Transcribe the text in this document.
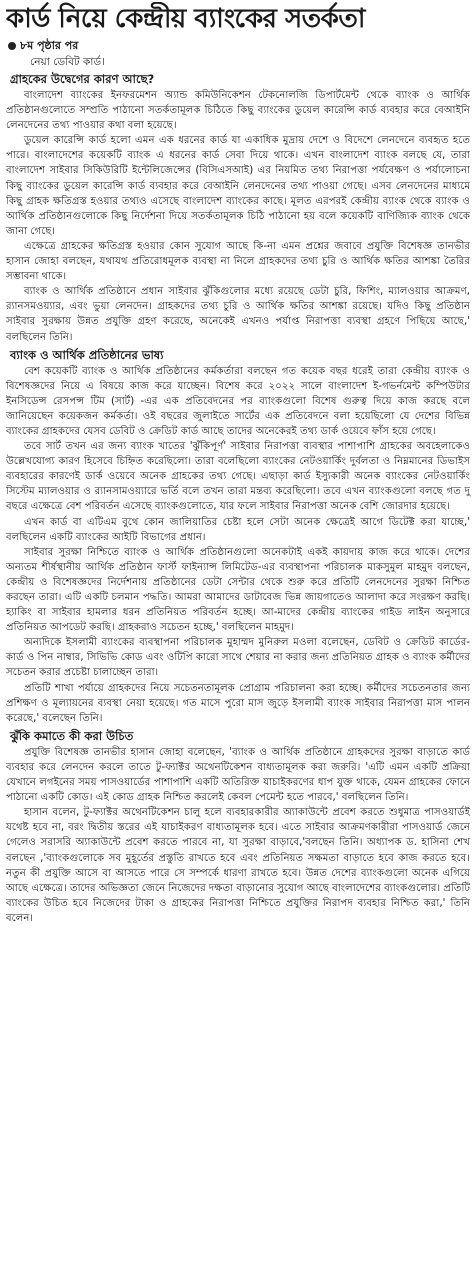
কার্ড নিয়ে কেন্দ্রীয় ব্যাংকের সতর্কতা
৮ম পৃষ্ঠার পর
নেয়া ডেবিট কার্ড।
গ্রাহকের উদ্বেগের কারণ আছে?

বাংলাদেশ ব্যাংকের ইনফরমেশন অ্যান্ড কমিউনিকেশন টেকনোলজি ডিপার্টমেন্ট থেকে ব্যাংক ও আর্থিক প্রতিষ্ঠানগুলোতে সম্প্রতি পাঠানো সতর্কতামূলক চিঠিতে কিছু ব্যাংকের ডুয়েল কারেন্সি কার্ড ব্যবহার করে বেআইনি লেনদেনের তথ্য পাওয়ার কথা বলা হয়েছে।

ডুয়েল কারেন্সি কার্ড হলো এমন এক ধরনের কার্ড যা একাধিক মুদ্রায় দেশে ও বিদেশে লেনদেনে ব্যবহৃত হতে পারে। বাংলাদেশের কয়েকটি ব্যাংক এ ধরনের কার্ড সেবা দিয়ে থাকে। এখন বাংলাদেশ ব্যাংক বলছে যে, তারা বাংলাদেশ সাইবার সিকিউরিটি ইন্টেলিজেন্সের (বিসিএসআই) এর নিয়মিত তথ্য নিরাপত্তা পর্যবেক্ষণ ও পর্যালোচনা কিছু ব্যাংকের ডুয়েল কারেন্সি কার্ড ব্যবহার করে বেআইনি লেনদেনের তথ্য পাওয়া গেছে। এসব লেনদেনের মাধ্যমে কিছু গ্রাহক ক্ষতিগ্রস্ত হওয়ার তথ্যও এসেছে বাংলাদেশ ব্যাংকের কাছে। মূলত এরপরই কেন্দ্রীয় ব্যাংক থেকে ব্যাংক ও আর্থিক প্রতিষ্ঠানগুলোকে কিছু নির্দেশনা দিয়ে সতর্কতামূলক চিঠি পাঠানো হয় বলে কয়েকটি বাণিজ্যিক ব্যাংক থেকে জানা গেছে।

এক্ষেত্রে গ্রাহকের ক্ষতিগ্রস্ত হওয়ার কোন সুযোগ আছে কি-না এমন প্রশ্নের জবাবে প্রযুক্তি বিশেষজ্ঞ তানভীর হাসান জোহা বলছেন, যথাযথ প্রতিরোধমূলক ব্যবস্থা না নিলে গ্রাহকদের তথ্য চুরি ও আর্থিক ক্ষতির আশঙ্কা তৈরির সম্ভাবনা থাকে।

ব্যাংক ও আর্থিক প্রতিষ্ঠানে প্রধান সাইবার ঝুঁকিগুলোর মধ্যে রয়েছে ডেটা চুরি, ফিশিং, ম্যালওয়ার আক্রমণ, র‍্যানসমওয়্যার, এবং ভুয়া লেনদেন। গ্রাহকদের তথ্য চুরি ও আর্থিক ক্ষতির আশঙ্কা রয়েছে। যদিও কিছু প্রতিষ্ঠান সাইবার সুরক্ষায় উন্নত প্রযুক্তি গ্রহণ করেছে, অনেকেই এখনও পর্যাপ্ত নিরাপত্তা ব্যবস্থা গ্রহণে পিছিয়ে আছে,' বলছিলেন তিনি।

ব্যাংক ও আর্থিক প্রতিষ্ঠানের ভাষ্য

বেশ কয়েকটি ব্যাংক ও আর্থিক প্রতিষ্ঠানের কর্মকর্তারা বলছেন গত কয়েক বছর ধরেই তারা কেন্দ্রীয় ব্যাংক ও বিশেষজ্ঞদের নিয়ে এ বিষয়ে কাজ করে যাচ্ছেন। বিশেষ করে ২০২২ সালে বাংলাদেশ ই-গভর্নমেন্ট কম্পিউটার ইনসিডেন্স রেসপন্স টিম (সার্ট) -এর এক প্রতিবেদনের পর ব্যাংকগুলো বিশেষ গুরুত্ব দিয়ে কাজ করছে বলে জানিয়েছেন কয়েকজন কর্মকর্তা। ওই বছরের জুলাইতে সার্টের এক প্রতিবেদনে বলা হয়েছিলো যে দেশের বিভিন্ন ব্যাংকের গ্রাহকদের যেসব ডেবিট ও ক্রেডিট কার্ড আছে তাদের অনেকেরই তথ্য ডার্ক ওয়েবে ফাঁস হয়ে গেছে।

তবে সার্ট তখন এর জন্য ব্যাংক খাতের 'ঝুঁকিপূর্ণ' সাইবার নিরাপত্তা ব্যবস্থার পাশাপাশি গ্রাহকের অবহেলাকেও উল্লেখযোগ্য কারণ হিসেবে চিহ্নিত করেছিলো। তারা বলেছিলো ব্যাংকের নেটওয়ার্কিং দুর্বলতা ও নিম্নমানের ডিভাইস ব্যবহারের কারণেই ডার্ক ওয়েবে অনেক গ্রাহকের তথ্য গেছে। এছাড়া কার্ড ইস্যুকারী অনেক ব্যাংকের নেটওয়ার্কিং সিস্টেম ম্যালওয়ার ও র‍্যানসামওয়্যারে ভর্তি বলে তখন তারা মন্তব্য করেছিলো। তবে এখন ব্যাংকগুলো বলছে গত দু বছরে এক্ষেত্রে বেশ পরিবর্তন এসেছে ব্যাংকগুলোতে, যার ফলে সাইবার নিরাপত্তা অনেক বেশি জোরদার হয়েছে।

এখন কার্ড বা এটিএম বুথে কোন জালিয়াতির চেষ্টা হলে সেটা অনেক ক্ষেত্রেই আগে ডিটেক্ট করা যাচ্ছে,' বলছিলেন একটি ব্যাংকের আইটি বিভাগের প্রধান।

সাইবার সুরক্ষা নিশ্চিতে ব্যাংক ও আর্থিক প্রতিষ্ঠানগুলো অনেকটাই একই কায়দায় কাজ করে থাকে। দেশের অন্যতম শীর্ষস্থানীয় আর্থিক প্রতিষ্ঠান ফার্স্ট ফাইন্যান্স লিমিটেড-এর ব্যবস্থাপনা পরিচালক মাকসুমুল মাহমুদ বলছেন, কেন্দ্রীয় ও বিশেষজ্ঞদের নির্দেশনায় প্রতিষ্ঠানের ডেটা সেন্টার থেকে শুরু করে প্রতিটি লেনদেনের সুরক্ষা নিশ্চিত করছেন তারা। এটি একটি চলমান পদ্ধতি। আমরা আমাদের ডাটাবেজ ভিন্ন জায়গাতেও আলাদা করে সংরক্ষণ করছি। হ্যাকিং বা সাইবার হামলার ধরন প্রতিনিয়ত পরিবর্তন হচ্ছে। আ-মাদের কেন্দ্রীয় ব্যাংকের গাইড লাইন অনুসারে প্রতিনিয়ত আপডেট করছি। গ্রাহকরাও সচেতন হচ্ছে,' বলছিলেন মাহমুদ।

অন্যদিকে ইসলামী ব্যাংকের ব্যবস্থাপনা পরিচালক মুহাম্মদ মুনিরুল মওলা বলেছেন, ডেবিট ও ক্রেডিট কার্ডের- কার্ড ও পিন নাম্বার, সিভিভি কোড এবং ওটিপি কারো সাথে শেয়ার না করার জন্য প্রতিনিয়ত গ্রাহক ও ব্যাংক কর্মীদের সচেতন করার প্রচেষ্টা চালাচ্ছেন তারা।

প্রতিটি শাখা পর্যায়ে গ্রাহকদের নিয়ে সচেতনতামূলক প্রোগ্রাম পরিচালনা করা হচ্ছে। কর্মীদের সচেতনতার জন্য প্রশিক্ষণ ও মূল্যায়নের ব্যবস্থা নেয়া হয়েছে। গত মাসে পুরো মাস জুড়ে ইসলামী ব্যাংক সাইবার নিরাপত্তা মাস পালন করেছে,' বলেছেন তিনি।

ঝুঁকি কমাতে কী করা উচিত

প্রযুক্তি বিশেষজ্ঞ তানভীর হাসান জোহা বলেছেন, 'ব্যাংক ও আর্থিক প্রতিষ্ঠানে গ্রাহকদের সুরক্ষা বাড়াতে কার্ড ব্যবহার করে লেনদেন করলে তাতে টু-ফ্যাক্টর অথেনটিকেশন বাধ্যতামূলক করা জরুরি। 'এটি এমন একটি প্রক্রিয়া যেখানে লগইনের সময় পাসওয়ার্ডের পাশাপাশি একটি অতিরিক্ত যাচাইকরণের ধাপ যুক্ত থাকে, যেমন গ্রাহকের ফোনে পাঠানো একটি কোড। এই কোড গ্রাহক নিশ্চিত করলেই কেবল পেমেন্ট হতে পারবে,' বলছিলেন তিনি।

হাসান বলেন, টু-ফ্যাক্টর অথেনটিকেশন চালু হলে ব্যবহারকারীর অ্যাকাউন্টে প্রবেশ করতে শুধুমাত্র পাসওয়ার্ডই যথেষ্ট হবে না, বরং দ্বিতীয় স্তরের এই যাচাইকরণ বাধ্যতামূলক হবে। এতে সাইবার আক্রমণকারীরা পাসওয়ার্ড জেনে গেলেও সরাসরি অ্যাকাউন্টে প্রবেশ করতে পারবে না, যা সুরক্ষা বাড়াবে,'বলছেন তিনি। অধ্যাপক ড. হাসিনা শেখ বলছেন ,'ব্যাংকগুলোকে সব মুহূর্তের প্রস্তুতি রাখতে হবে এবং প্রতিনিয়ত সক্ষমতা বাড়াতে হবে কাজ করতে হবে। নতুন কী প্রযুক্তি আসে বা আসতে পারে সে সম্পর্কে ধারণা রাখতে হবে। উন্নত দেশের ব্যাংকগুলো অনেক এগিয়ে আছে এক্ষেত্রে। তাদের অভিজ্ঞতা জেনে নিজেদের দক্ষতা বাড়ানোর সুযোগ আছে বাংলাদেশের ব্যাংকগুলোর। প্রতিটি ব্যাংকের উচিত হবে নিজেদের টাকা ও গ্রাহকের নিরাপত্তা নিশ্চিতে প্রযুক্তির নিরাপদ ব্যবহার নিশ্চিত করা,' তিনি বলেন।
